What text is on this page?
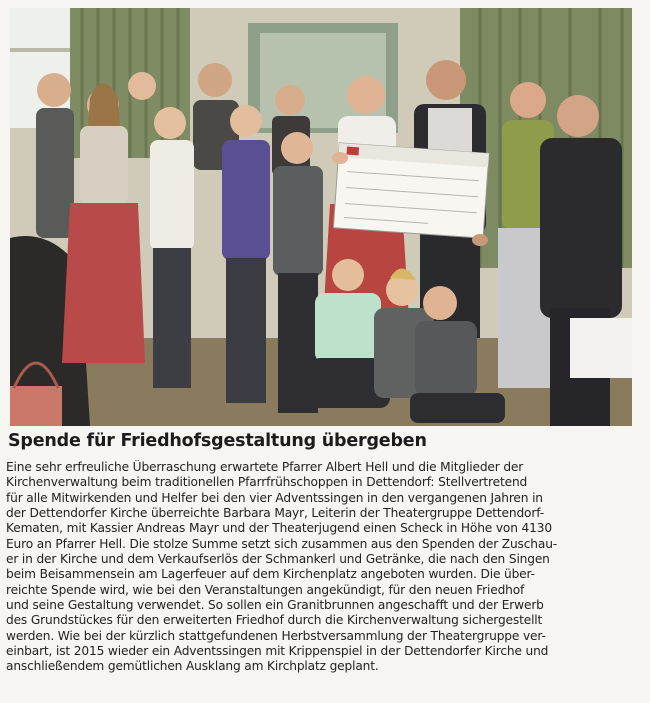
Spende für Friedhofsgestaltung übergeben
Eine sehr erfreuliche Überraschung erwartete Pfarrer Albert Hell und die Mitglieder der
Kirchenverwaltung beim traditionellen Pfarrfrühschoppen in Dettendorf: Stellvertretend
für alle Mitwirkenden und Helfer bei den vier Adventssingen in den vergangenen Jahren in
der Dettendorfer Kirche überreichte Barbara Mayr, Leiterin der Theatergruppe Dettendorf-
Kematen, mit Kassier Andreas Mayr und der Theaterjugend einen Scheck in Höhe von 4130
Euro an Pfarrer Hell. Die stolze Summe setzt sich zusammen aus den Spenden der Zuschau-
er in der Kirche und dem Verkaufserlös der Schmankerl und Getränke, die nach den Singen
beim Beisammensein am Lagerfeuer auf dem Kirchenplatz angeboten wurden. Die über-
reichte Spende wird, wie bei den Veranstaltungen angekündigt, für den neuen Friedhof
und seine Gestaltung verwendet. So sollen ein Granitbrunnen angeschafft und der Erwerb
des Grundstückes für den erweiterten Friedhof durch die Kirchenverwaltung sichergestellt
werden. Wie bei der kürzlich stattgefundenen Herbstversammlung der Theatergruppe ver-
einbart, ist 2015 wieder ein Adventssingen mit Krippenspiel in der Dettendorfer Kirche und
anschließendem gemütlichen Ausklang am Kirchplatz geplant.
